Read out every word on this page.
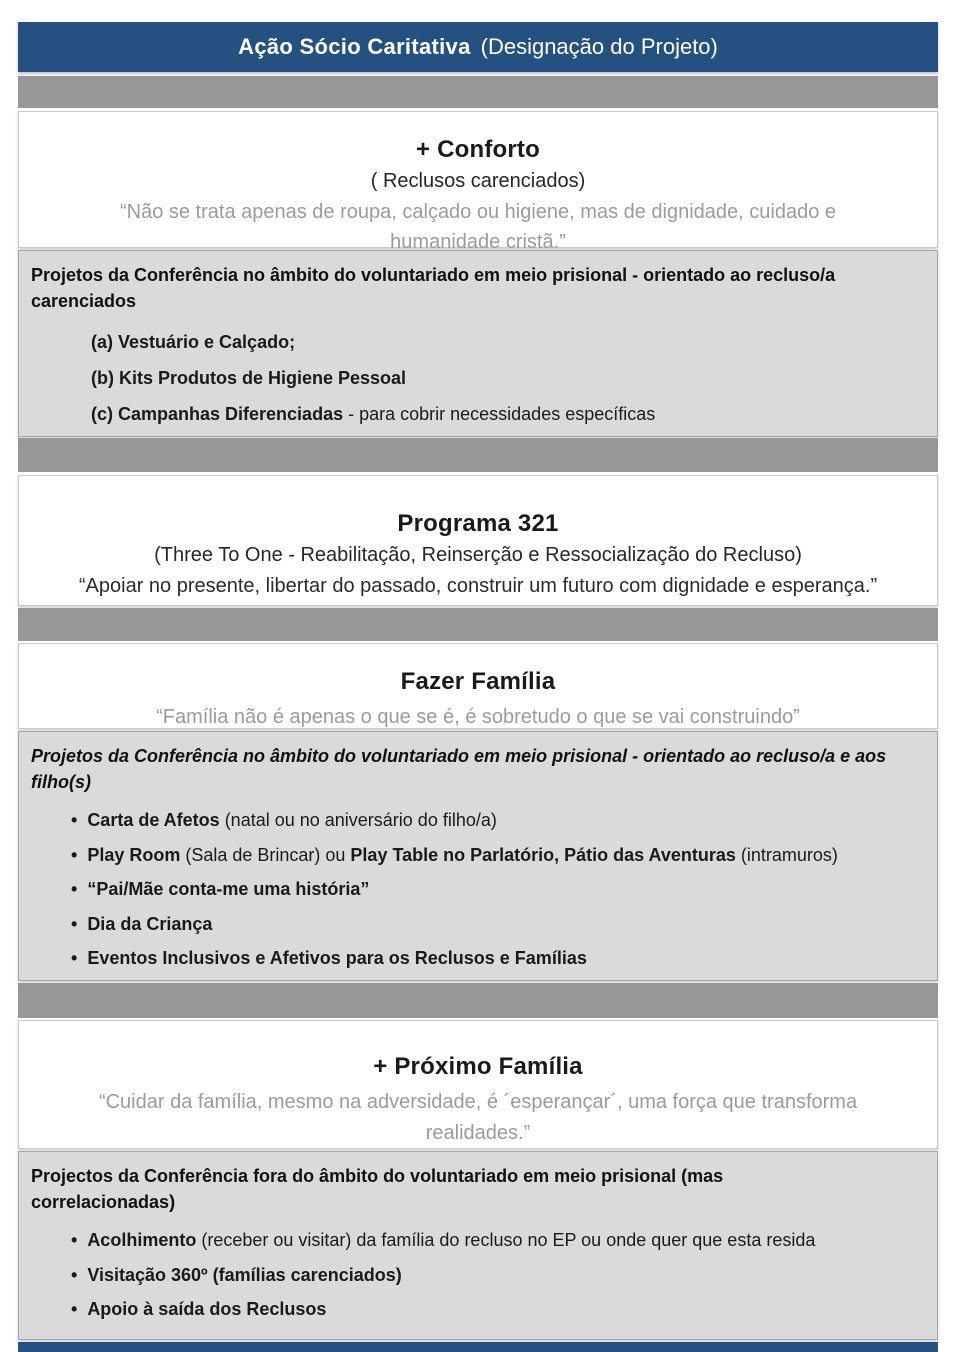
Ação Sócio Caritativa (Designação do Projeto)
+ Conforto
( Reclusos carenciados)
“Não se trata apenas de roupa, calçado ou higiene, mas de dignidade, cuidado e humanidade cristã.”
Projetos da Conferência no âmbito do voluntariado em meio prisional - orientado ao recluso/a carenciados
(a) Vestuário e Calçado;
(b) Kits Produtos de Higiene Pessoal
(c) Campanhas Diferenciadas - para cobrir necessidades específicas
Programa 321
(Three To One - Reabilitação, Reinserção e Ressocialização do Recluso)
“Apoiar no presente, libertar do passado, construir um futuro com dignidade e esperança.”
Fazer Família
“Família não é apenas o que se é, é sobretudo o que se vai construindo”
Projetos da Conferência no âmbito do voluntariado em meio prisional - orientado ao recluso/a e aos filho(s)
• Carta de Afetos (natal ou no aniversário do filho/a)
• Play Room (Sala de Brincar) ou Play Table no Parlatório, Pátio das Aventuras (intramuros)
• “Pai/Mãe conta-me uma história”
• Dia da Criança
• Eventos Inclusivos e Afetivos para os Reclusos e Famílias
+ Próximo Família
“Cuidar da família, mesmo na adversidade, é ´esperançar´, uma força que transforma realidades.”
Projectos da Conferência fora do âmbito do voluntariado em meio prisional (mas correlacionadas)
• Acolhimento (receber ou visitar) da família do recluso no EP ou onde quer que esta resida
• Visitação 360º (famílias carenciados)
• Apoio à saída dos Reclusos
